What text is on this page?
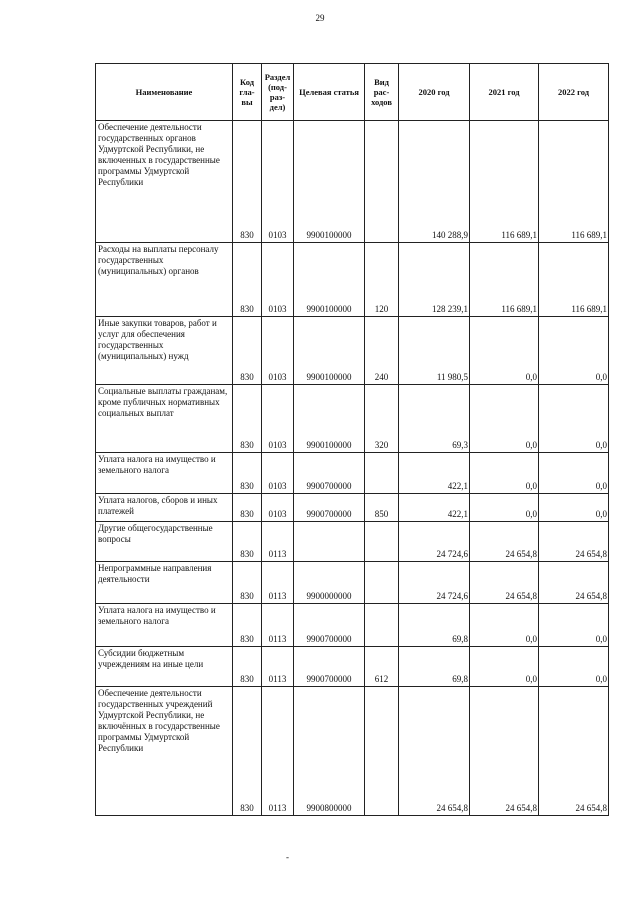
29
Наименование	Код гла-вы	Раздел (под-раз-дел)	Целевая статья	Вид рас-ходов	2020 год	2021 год	2022 год
Обеспечение деятельности государственных органов Удмуртской Республики, не включенных в государственные программы Удмуртской Республики	830	0103	9900100000		140 288,9	116 689,1	116 689,1
Расходы на выплаты персоналу государственных (муниципальных) органов	830	0103	9900100000	120	128 239,1	116 689,1	116 689,1
Иные закупки товаров, работ и услуг для обеспечения государственных (муниципальных) нужд	830	0103	9900100000	240	11 980,5	0,0	0,0
Социальные выплаты гражданам, кроме публичных нормативных социальных выплат	830	0103	9900100000	320	69,3	0,0	0,0
Уплата налога на имущество и земельного налога	830	0103	9900700000		422,1	0,0	0,0
Уплата налогов, сборов и иных платежей	830	0103	9900700000	850	422,1	0,0	0,0
Другие общегосударственные вопросы	830	0113			24 724,6	24 654,8	24 654,8
Непрограммные направления деятельности	830	0113	9900000000		24 724,6	24 654,8	24 654,8
Уплата налога на имущество и земельного налога	830	0113	9900700000		69,8	0,0	0,0
Субсидии бюджетным учреждениям на иные цели	830	0113	9900700000	612	69,8	0,0	0,0
Обеспечение деятельности государственных учреждений Удмуртской Республики, не включённых в государственные программы Удмуртской Республики	830	0113	9900800000		24 654,8	24 654,8	24 654,8
-
